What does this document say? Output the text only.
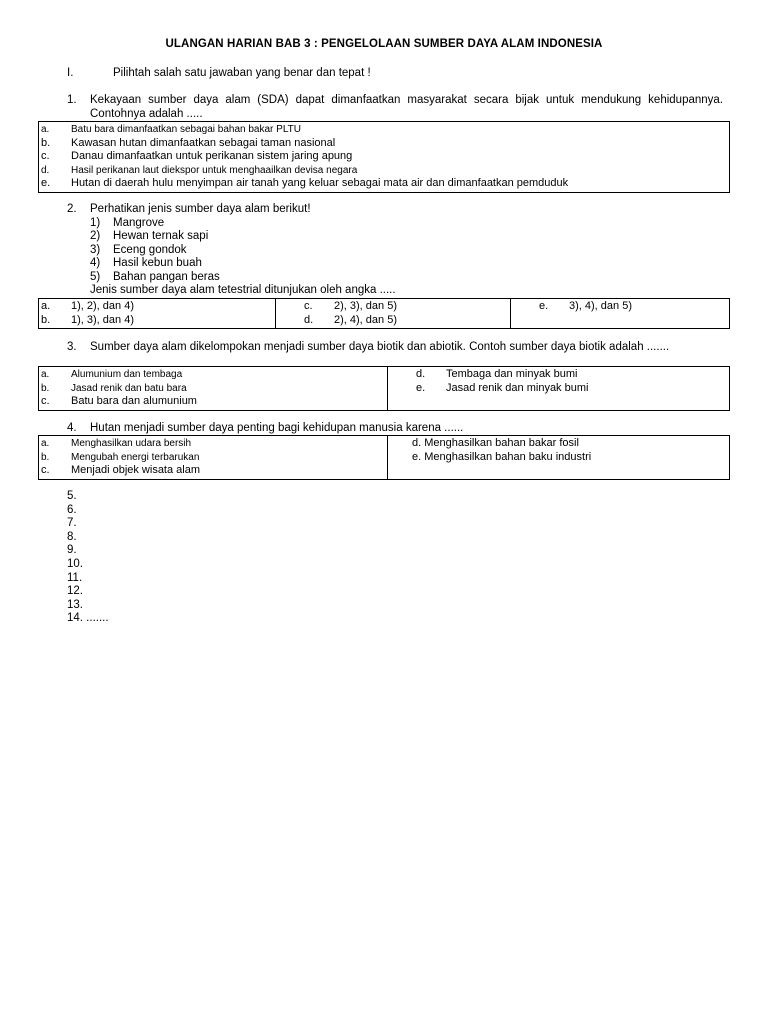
ULANGAN HARIAN BAB 3 : PENGELOLAAN SUMBER DAYA ALAM INDONESIA
I.	Pilihtah salah satu jawaban yang benar dan tepat !
1. Kekayaan sumber daya alam (SDA) dapat dimanfaatkan masyarakat secara bijak untuk mendukung kehidupannya. Contohnya adalah .....
a. Batu bara dimanfaatkan sebagai bahan bakar PLTU
b. Kawasan hutan dimanfaatkan sebagai taman nasional
c. Danau dimanfaatkan untuk perikanan sistem jaring apung
d. Hasil perikanan laut diekspor untuk menghaailkan devisa negara
e. Hutan di daerah hulu menyimpan air tanah yang keluar sebagai mata air dan dimanfaatkan pemduduk
2. Perhatikan jenis sumber daya alam berikut!
1) Mangrove
2) Hewan ternak sapi
3) Eceng gondok
4) Hasil kebun buah
5) Bahan pangan beras
Jenis sumber daya alam tetestrial ditunjukan oleh angka .....
a. 1), 2), dan 4)
b. 1), 3), dan 4)

c. 2), 3), dan 5)
d. 2), 4), dan 5)

e. 3), 4), dan 5)
3. Sumber daya alam dikelompokan menjadi sumber daya biotik dan abiotik. Contoh sumber daya biotik adalah .......
a. Alumunium dan tembaga
b. Jasad renik dan batu bara
c. Batu bara dan alumunium

d. Tembaga dan minyak bumi
e. Jasad renik dan minyak bumi
4. Hutan menjadi sumber daya penting bagi kehidupan manusia karena ......
a. Menghasilkan udara bersih
b. Mengubah energi terbarukan
c. Menjadi objek wisata alam

d. Menghasilkan bahan bakar fosil
e. Menghasilkan bahan baku industri
5.
6.
7.
8.
9.
10.
11.
12.
13.
14. .......
